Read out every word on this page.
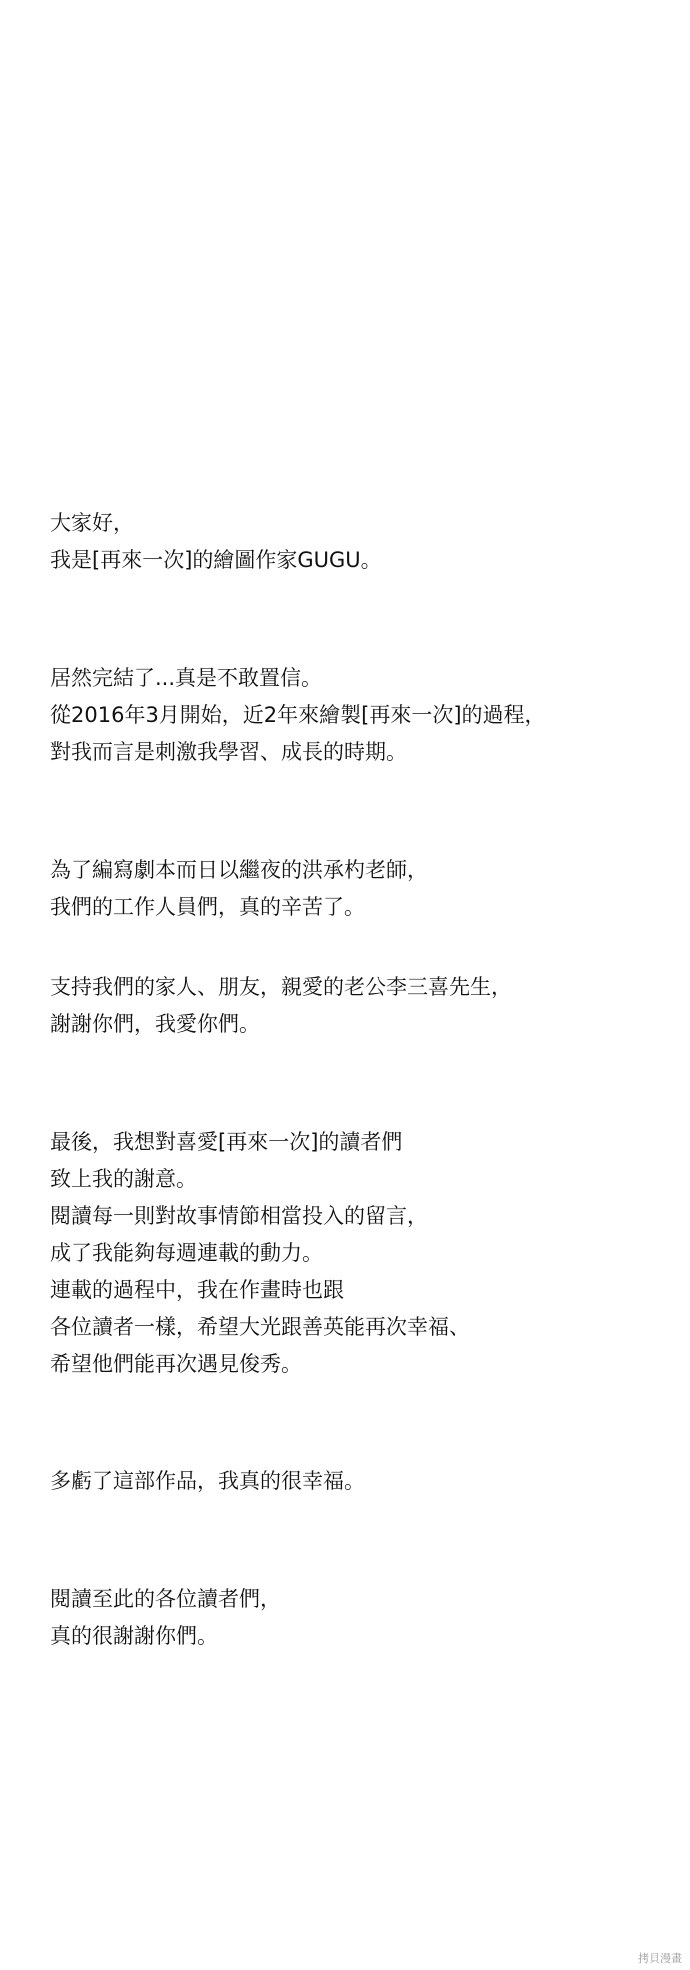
大家好，
我是[再來一次]的繪圖作家GUGU。
居然完結了...真是不敢置信。
從2016年3月開始，近2年來繪製[再來一次]的過程，
對我而言是刺激我學習、成長的時期。
為了編寫劇本而日以繼夜的洪承杓老師，
我們的工作人員們，真的辛苦了。
支持我們的家人、朋友，親愛的老公李三喜先生，
謝謝你們，我愛你們。
最後，我想對喜愛[再來一次]的讀者們
致上我的謝意。
閱讀每一則對故事情節相當投入的留言，
成了我能夠每週連載的動力。
連載的過程中，我在作畫時也跟
各位讀者一樣，希望大光跟善英能再次幸福、
希望他們能再次遇見俊秀。
多虧了這部作品，我真的很幸福。
閱讀至此的各位讀者們，
真的很謝謝你們。
拷貝漫畫
